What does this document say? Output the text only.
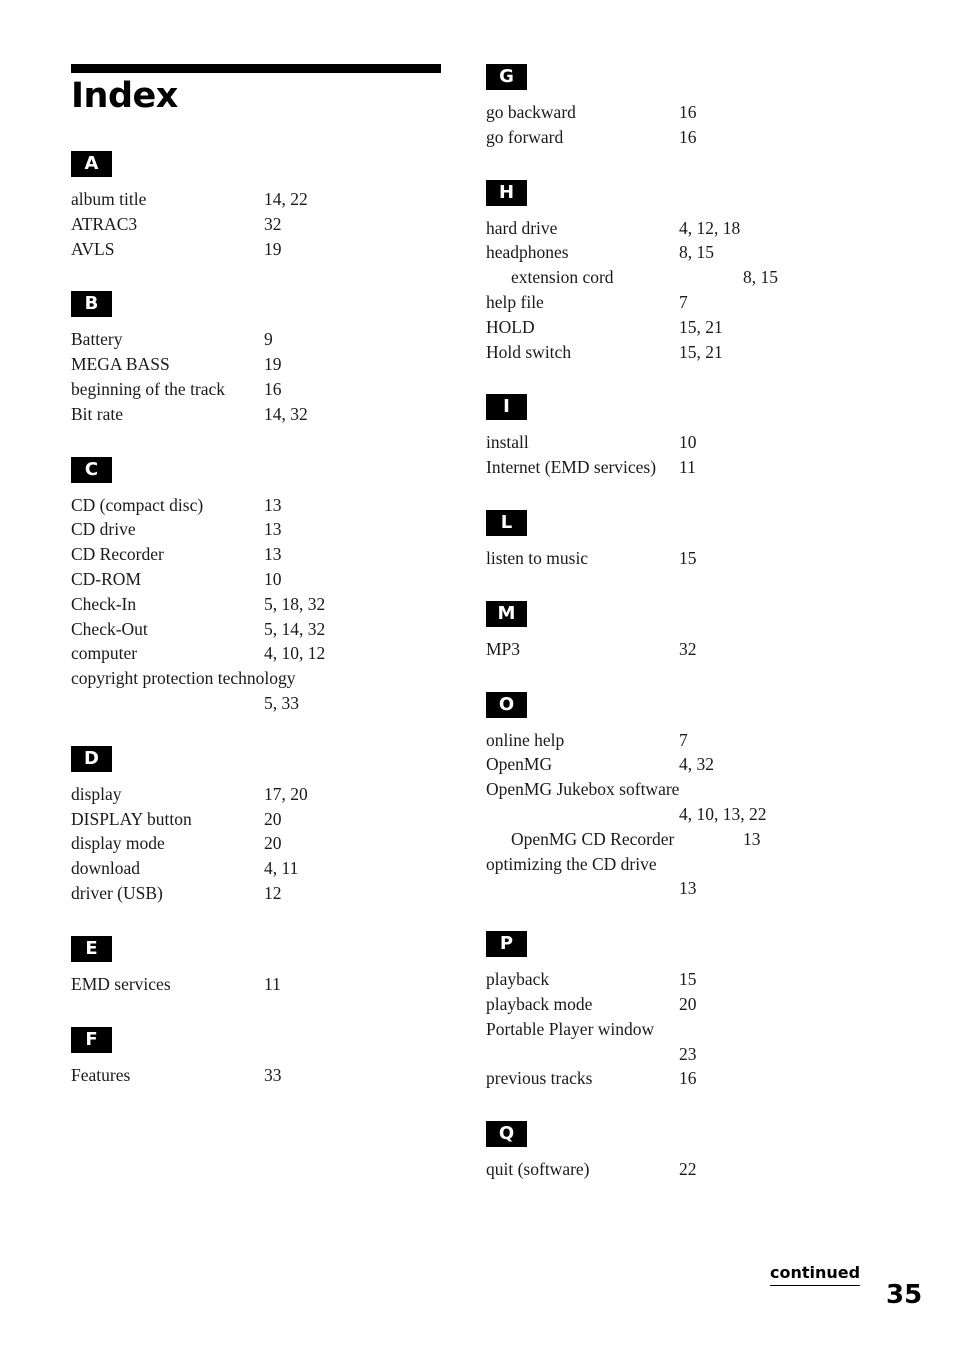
Index
A
album title	14, 22
ATRAC3	32
AVLS	19
B
Battery	9
MEGA BASS	19
beginning of the track	16
Bit rate	14, 32
C
CD (compact disc)	13
CD drive	13
CD Recorder	13
CD-ROM	10
Check-In	5, 18, 32
Check-Out	5, 14, 32
computer	4, 10, 12
copyright protection technology
5, 33
D
display	17, 20
DISPLAY button	20
display mode	20
download	4, 11
driver (USB)	12
E
EMD services	11
F
Features	33
G
go backward	16
go forward	16
H
hard drive	4, 12, 18
headphones	8, 15
extension cord	8, 15
help file	7
HOLD	15, 21
Hold switch	15, 21
I
install	10
Internet (EMD services)	11
L
listen to music	15
M
MP3	32
O
online help	7
OpenMG	4, 32
OpenMG Jukebox software
4, 10, 13, 22
OpenMG CD Recorder	13
optimizing the CD drive
13
P
playback	15
playback mode	20
Portable Player window
23
previous tracks	16
Q
quit (software)	22
continued
35
